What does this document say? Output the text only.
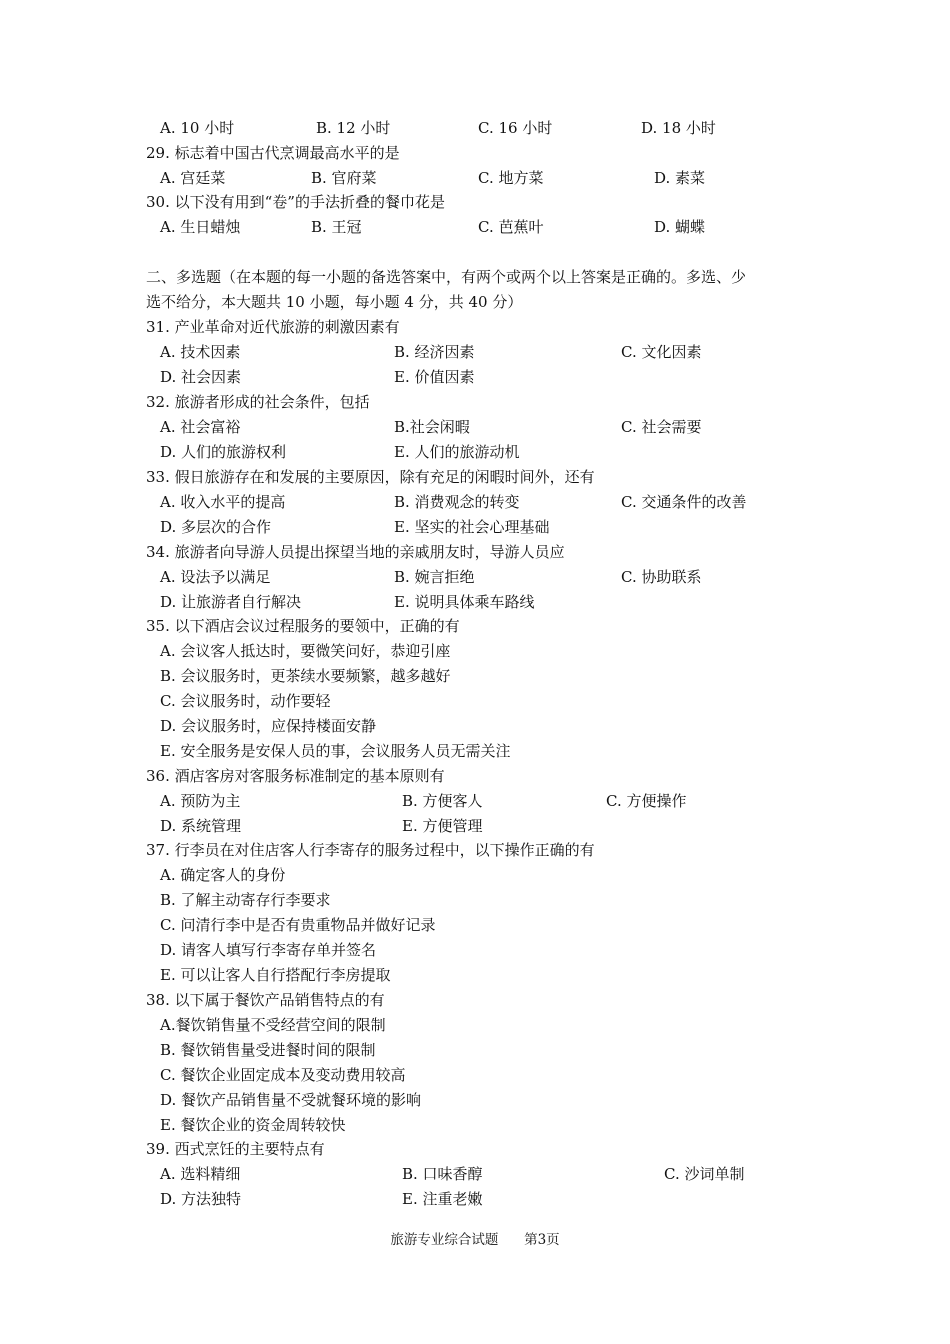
A. 10 小时	B. 12 小时	C. 16 小时	D. 18 小时
29. 标志着中国古代烹调最高水平的是
A. 宫廷菜	B. 官府菜	C. 地方菜	D. 素菜
30. 以下没有用到“卷”的手法折叠的餐巾花是
A. 生日蜡烛	B. 王冠	C. 芭蕉叶	D. 蝴蝶
二、多选题（在本题的每一小题的备选答案中，有两个或两个以上答案是正确的。多选、少
选不给分，本大题共 10 小题，每小题 4 分，共 40 分）
31. 产业革命对近代旅游的刺激因素有
A. 技术因素	B. 经济因素	C. 文化因素
D. 社会因素	E. 价值因素
32. 旅游者形成的社会条件，包括
A. 社会富裕	B.社会闲暇	C. 社会需要
D. 人们的旅游权利	E. 人们的旅游动机
33. 假日旅游存在和发展的主要原因，除有充足的闲暇时间外，还有
A. 收入水平的提高	B. 消费观念的转变	C. 交通条件的改善
D. 多层次的合作	E. 坚实的社会心理基础
34. 旅游者向导游人员提出探望当地的亲戚朋友时，导游人员应
A. 设法予以满足	B. 婉言拒绝	C. 协助联系
D. 让旅游者自行解决	E. 说明具体乘车路线
35. 以下酒店会议过程服务的要领中，正确的有
A. 会议客人抵达时，要微笑问好，恭迎引座
B. 会议服务时，更茶续水要频繁，越多越好
C. 会议服务时，动作要轻
D. 会议服务时，应保持楼面安静
E. 安全服务是安保人员的事，会议服务人员无需关注
36. 酒店客房对客服务标准制定的基本原则有
A. 预防为主	B. 方便客人	C. 方便操作
D. 系统管理	E. 方便管理
37. 行李员在对住店客人行李寄存的服务过程中，以下操作正确的有
A. 确定客人的身份
B. 了解主动寄存行李要求
C. 问清行李中是否有贵重物品并做好记录
D. 请客人填写行李寄存单并签名
E. 可以让客人自行搭配行李房提取
38. 以下属于餐饮产品销售特点的有
A.餐饮销售量不受经营空间的限制
B. 餐饮销售量受进餐时间的限制
C. 餐饮企业固定成本及变动费用较高
D. 餐饮产品销售量不受就餐环境的影响
E. 餐饮企业的资金周转较快
39. 西式烹饪的主要特点有
A. 选料精细	B. 口味香醇	C. 沙词单制
D. 方法独特	E. 注重老嫩
旅游专业综合试题 第3页
